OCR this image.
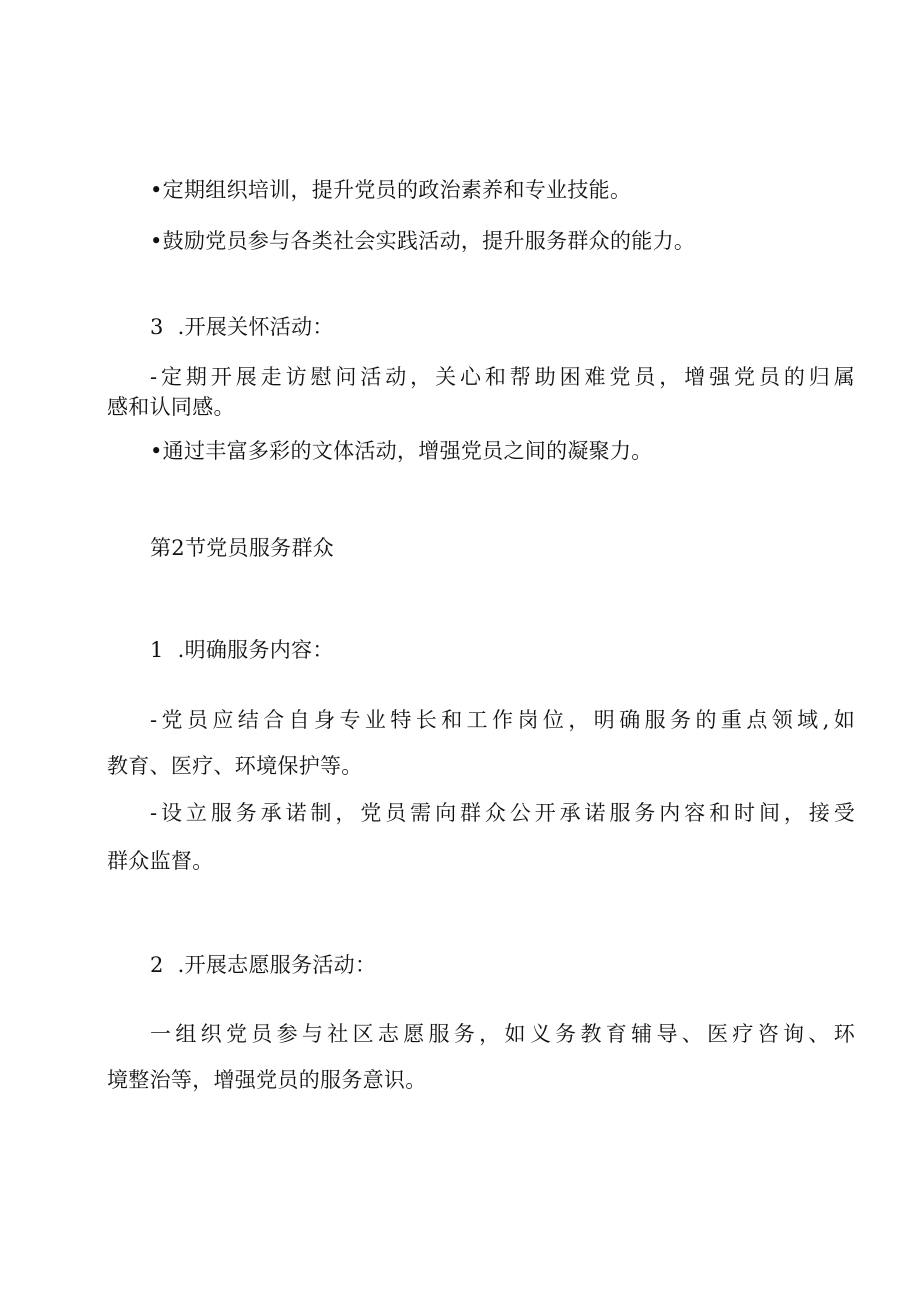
•定期组织培训，提升党员的政治素养和专业技能。
•鼓励党员参与各类社会实践活动，提升服务群众的能力。
3  .开展关怀活动：
-定期开展走访慰问活动，关心和帮助困难党员，增强党员的归属
感和认同感。
•通过丰富多彩的文体活动，增强党员之间的凝聚力。
第2节党员服务群众
1  .明确服务内容：
-党员应结合自身专业特长和工作岗位，明确服务的重点领域,如
教育、医疗、环境保护等。
-设立服务承诺制，党员需向群众公开承诺服务内容和时间，接受
群众监督。
2  .开展志愿服务活动：
一组织党员参与社区志愿服务，如义务教育辅导、医疗咨询、环
境整治等，增强党员的服务意识。
